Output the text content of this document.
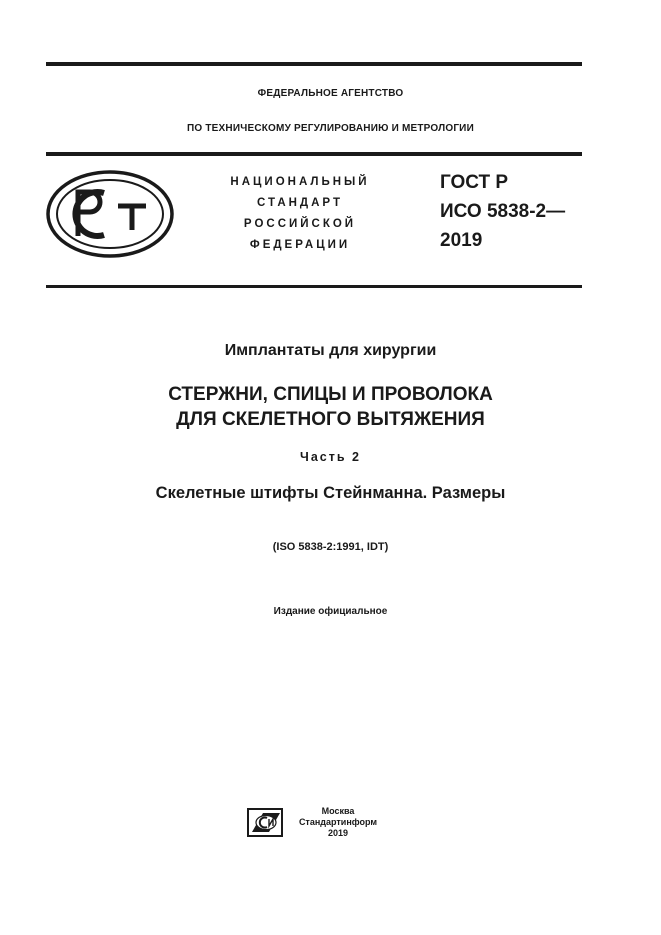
ФЕДЕРАЛЬНОЕ АГЕНТСТВО
ПО ТЕХНИЧЕСКОМУ РЕГУЛИРОВАНИЮ И МЕТРОЛОГИИ
НАЦИОНАЛЬНЫЙ
СТАНДАРТ
РОССИЙСКОЙ
ФЕДЕРАЦИИ
ГОСТ Р
ИСО 5838-2—
2019
Имплантаты для хирургии
СТЕРЖНИ, СПИЦЫ И ПРОВОЛОКА
ДЛЯ СКЕЛЕТНОГО ВЫТЯЖЕНИЯ
Часть 2
Скелетные штифты Стейнманна. Размеры
(ISO 5838-2:1991, IDT)
Издание официальное
Москва
Стандартинформ
2019
